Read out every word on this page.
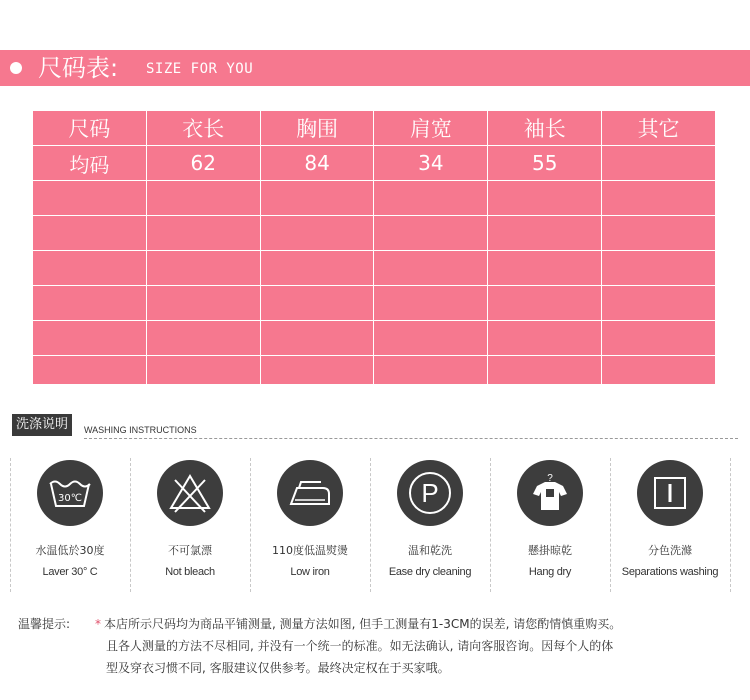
尺码表: SIZE FOR YOU
尺码	衣长	胸围	肩宽	袖长	其它
均码	62	84	34	55	

洗涤说明	WASHING INSTRUCTIONS
30℃
水温低於30度
Laver 30° C
不可氯漂
Not bleach
110度低温熨燙
Low iron
P
温和乾洗
Ease dry cleaning
?
懸掛晾乾
Hang dry
分色洗滌
Separations washing
温馨提示: * 本店所示尺码均为商品平铺测量, 测量方法如图, 但手工测量有1-3CM的误差, 请您酌情慎重购买。
且各人测量的方法不尽相同, 并没有一个统一的标准。如无法确认, 请向客服咨询。因每个人的体
型及穿衣习惯不同, 客服建议仅供参考。最终决定权在于买家哦。
